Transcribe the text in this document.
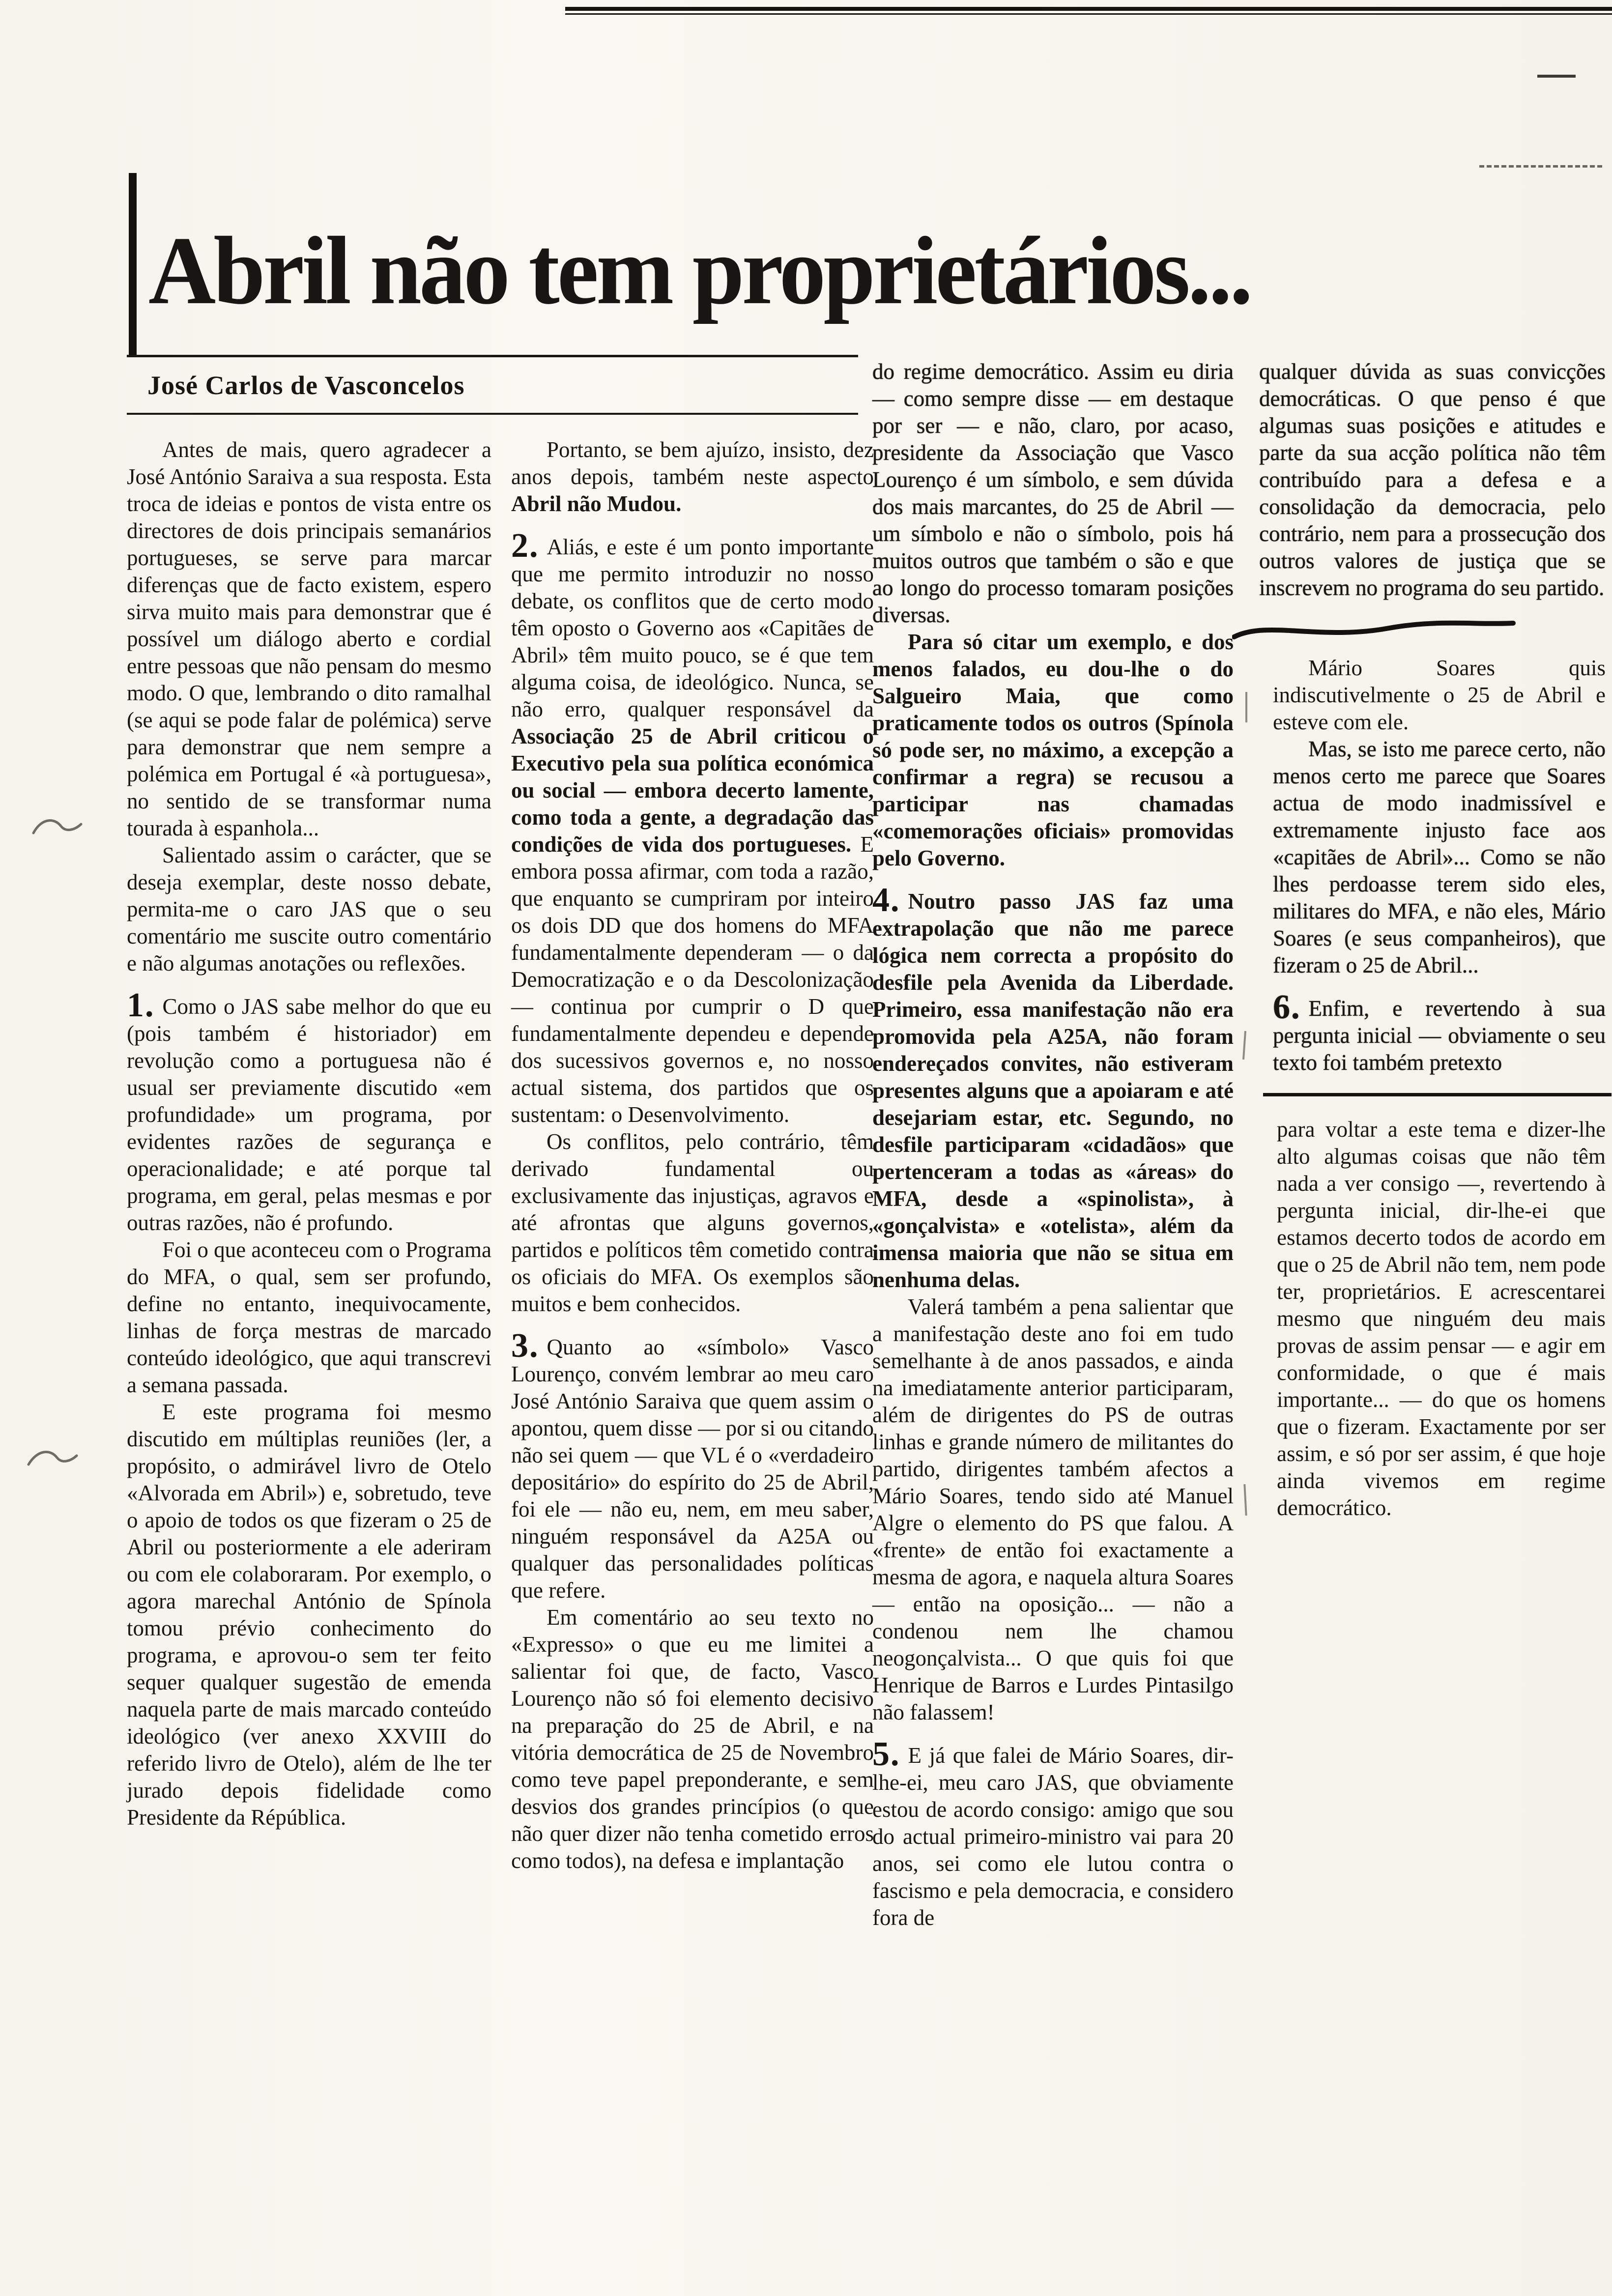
Abril não tem proprietários...
José Carlos de Vasconcelos

Antes de mais, quero agradecer a José António Saraiva a sua resposta. Esta troca de ideias e pontos de vista entre os directores de dois principais semanários portugueses, se serve para marcar diferenças que de facto existem, espero sirva muito mais para demonstrar que é possível um diálogo aberto e cordial entre pessoas que não pensam do mesmo modo. O que, lembrando o dito ramalhal (se aqui se pode falar de polémica) serve para demonstrar que nem sempre a polémica em Portugal é «à portuguesa», no sentido de se transformar numa tourada à espanhola...

Salientado assim o carácter, que se deseja exemplar, deste nosso debate, permita-me o caro JAS que o seu comentário me suscite outro comentário e não algumas anotações ou reflexões.

1. Como o JAS sabe melhor do que eu (pois também é historiador) em revolução como a portuguesa não é usual ser previamente discutido «em profundidade» um programa, por evidentes razões de segurança e operacionalidade; e até porque tal programa, em geral, pelas mesmas e por outras razões, não é profundo.

Foi o que aconteceu com o Programa do MFA, o qual, sem ser profundo, define no entanto, inequivocamente, linhas de força mestras de marcado conteúdo ideológico, que aqui transcrevi a semana passada.

E este programa foi mesmo discutido em múltiplas reuniões (ler, a propósito, o admirável livro de Otelo «Alvorada em Abril») e, sobretudo, teve o apoio de todos os que fizeram o 25 de Abril ou posteriormente a ele aderiram ou com ele colaboraram. Por exemplo, o agora marechal António de Spínola tomou prévio conhecimento do programa, e aprovou-o sem ter feito sequer qualquer sugestão de emenda naquela parte de mais marcado conteúdo ideológico (ver anexo XXVIII do referido livro de Otelo), além de lhe ter jurado depois fidelidade como Presidente da Répública.

Portanto, se bem ajuízo, insisto, dez anos depois, também neste aspecto Abril não Mudou.

2. Aliás, e este é um ponto importante que me permito introduzir no nosso debate, os conflitos que de certo modo têm oposto o Governo aos «Capitães de Abril» têm muito pouco, se é que tem alguma coisa, de ideológico. Nunca, se não erro, qualquer responsável da Associação 25 de Abril criticou o Executivo pela sua política económica ou social — embora decerto lamente, como toda a gente, a degradação das condições de vida dos portugueses. E embora possa afirmar, com toda a razão, que enquanto se cumpriram por inteiro os dois DD que dos homens do MFA fundamentalmente dependeram — o da Democratização e o da Descolonização — continua por cumprir o D que fundamentalmente dependeu e depende dos sucessivos governos e, no nosso actual sistema, dos partidos que os sustentam: o Desenvolvimento.

Os conflitos, pelo contrário, têm derivado fundamental ou exclusivamente das injustiças, agravos e até afrontas que alguns governos, partidos e políticos têm cometido contra os oficiais do MFA. Os exemplos são muitos e bem conhecidos.

3. Quanto ao «símbolo» Vasco Lourenço, convém lembrar ao meu caro José António Saraiva que quem assim o apontou, quem disse — por si ou citando não sei quem — que VL é o «verdadeiro depositário» do espírito do 25 de Abril, foi ele — não eu, nem, em meu saber, ninguém responsável da A25A ou qualquer das personalidades políticas que refere.

Em comentário ao seu texto no «Expresso» o que eu me limitei a salientar foi que, de facto, Vasco Lourenço não só foi elemento decisivo na preparação do 25 de Abril, e na vitória democrática de 25 de Novembro como teve papel preponderante, e sem desvios dos grandes princípios (o que não quer dizer não tenha cometido erros como todos), na defesa e implantação

do regime democrático. Assim eu diria — como sempre disse — em destaque por ser — e não, claro, por acaso, presidente da Associação que Vasco Lourenço é um símbolo, e sem dúvida dos mais marcantes, do 25 de Abril — um símbolo e não o símbolo, pois há muitos outros que também o são e que ao longo do processo tomaram posições diversas.

Para só citar um exemplo, e dos menos falados, eu dou-lhe o do Salgueiro Maia, que como praticamente todos os outros (Spínola só pode ser, no máximo, a excepção a confirmar a regra) se recusou a participar nas chamadas «comemorações oficiais» promovidas pelo Governo.

4. Noutro passo JAS faz uma extrapolação que não me parece lógica nem correcta a propósito do desfile pela Avenida da Liberdade. Primeiro, essa manifestação não era promovida pela A25A, não foram endereçados convites, não estiveram presentes alguns que a apoiaram e até desejariam estar, etc. Segundo, no desfile participaram «cidadãos» que pertenceram a todas as «áreas» do MFA, desde a «spinolista», à «gonçalvista» e «otelista», além da imensa maioria que não se situa em nenhuma delas.

Valerá também a pena salientar que a manifestação deste ano foi em tudo semelhante à de anos passados, e ainda na imediatamente anterior participaram, além de dirigentes do PS de outras linhas e grande número de militantes do partido, dirigentes também afectos a Mário Soares, tendo sido até Manuel Algre o elemento do PS que falou. A «frente» de então foi exactamente a mesma de agora, e naquela altura Soares — então na oposição... — não a condenou nem lhe chamou neogonçalvista... O que quis foi que Henrique de Barros e Lurdes Pintasilgo não falassem!

5. E já que falei de Mário Soares, dir-lhe-ei, meu caro JAS, que obviamente estou de acordo consigo: amigo que sou do actual primeiro-ministro vai para 20 anos, sei como ele lutou contra o fascismo e pela democracia, e considero fora de

qualquer dúvida as suas convicções democráticas. O que penso é que algumas suas posições e atitudes e parte da sua acção política não têm contribuído para a defesa e a consolidação da democracia, pelo contrário, nem para a prossecução dos outros valores de justiça que se inscrevem no programa do seu partido.

Mário Soares quis indiscutivelmente o 25 de Abril e esteve com ele.

Mas, se isto me parece certo, não menos certo me parece que Soares actua de modo inadmissível e extremamente injusto face aos «capitães de Abril»... Como se não lhes perdoasse terem sido eles, militares do MFA, e não eles, Mário Soares (e seus companheiros), que fizeram o 25 de Abril...

6. Enfim, e revertendo à sua pergunta inicial — obviamente o seu texto foi também pretexto

para voltar a este tema e dizer-lhe alto algumas coisas que não têm nada a ver consigo —, revertendo à pergunta inicial, dir-lhe-ei que estamos decerto todos de acordo em que o 25 de Abril não tem, nem pode ter, proprietários. E acrescentarei mesmo que ninguém deu mais provas de assim pensar — e agir em conformidade, o que é mais importante... — do que os homens que o fizeram. Exactamente por ser assim, e só por ser assim, é que hoje ainda vivemos em regime democrático.
